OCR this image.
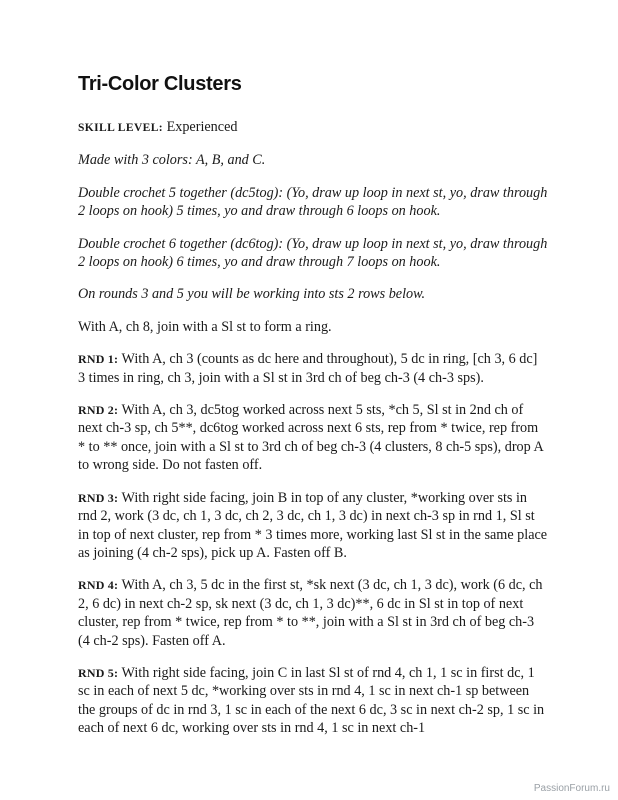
Tri-Color Clusters

SKILL LEVEL: Experienced

Made with 3 colors: A, B, and C.

Double crochet 5 together (dc5tog): (Yo, draw up loop in next st, yo, draw through 2 loops on hook) 5 times, yo and draw through 6 loops on hook.

Double crochet 6 together (dc6tog): (Yo, draw up loop in next st, yo, draw through 2 loops on hook) 6 times, yo and draw through 7 loops on hook.

On rounds 3 and 5 you will be working into sts 2 rows below.

With A, ch 8, join with a Sl st to form a ring.

RND 1: With A, ch 3 (counts as dc here and throughout), 5 dc in ring, [ch 3, 6 dc] 3 times in ring, ch 3, join with a Sl st in 3rd ch of beg ch-3 (4 ch-3 sps).

RND 2: With A, ch 3, dc5tog worked across next 5 sts, *ch 5, Sl st in 2nd ch of next ch-3 sp, ch 5**, dc6tog worked across next 6 sts, rep from * twice, rep from * to ** once, join with a Sl st to 3rd ch of beg ch-3 (4 clusters, 8 ch-5 sps), drop A to wrong side. Do not fasten off.

RND 3: With right side facing, join B in top of any cluster, *working over sts in rnd 2, work (3 dc, ch 1, 3 dc, ch 2, 3 dc, ch 1, 3 dc) in next ch-3 sp in rnd 1, Sl st in top of next cluster, rep from * 3 times more, working last Sl st in the same place as joining (4 ch-2 sps), pick up A. Fasten off B.

RND 4: With A, ch 3, 5 dc in the first st, *sk next (3 dc, ch 1, 3 dc), work (6 dc, ch 2, 6 dc) in next ch-2 sp, sk next (3 dc, ch 1, 3 dc)**, 6 dc in Sl st in top of next cluster, rep from * twice, rep from * to **, join with a Sl st in 3rd ch of beg ch-3 (4 ch-2 sps). Fasten off A.

RND 5: With right side facing, join C in last Sl st of rnd 4, ch 1, 1 sc in first dc, 1 sc in each of next 5 dc, *working over sts in rnd 4, 1 sc in next ch-1 sp between the groups of dc in rnd 3, 1 sc in each of the next 6 dc, 3 sc in next ch-2 sp, 1 sc in each of next 6 dc, working over sts in rnd 4, 1 sc in next ch-1

PassionForum.ru
